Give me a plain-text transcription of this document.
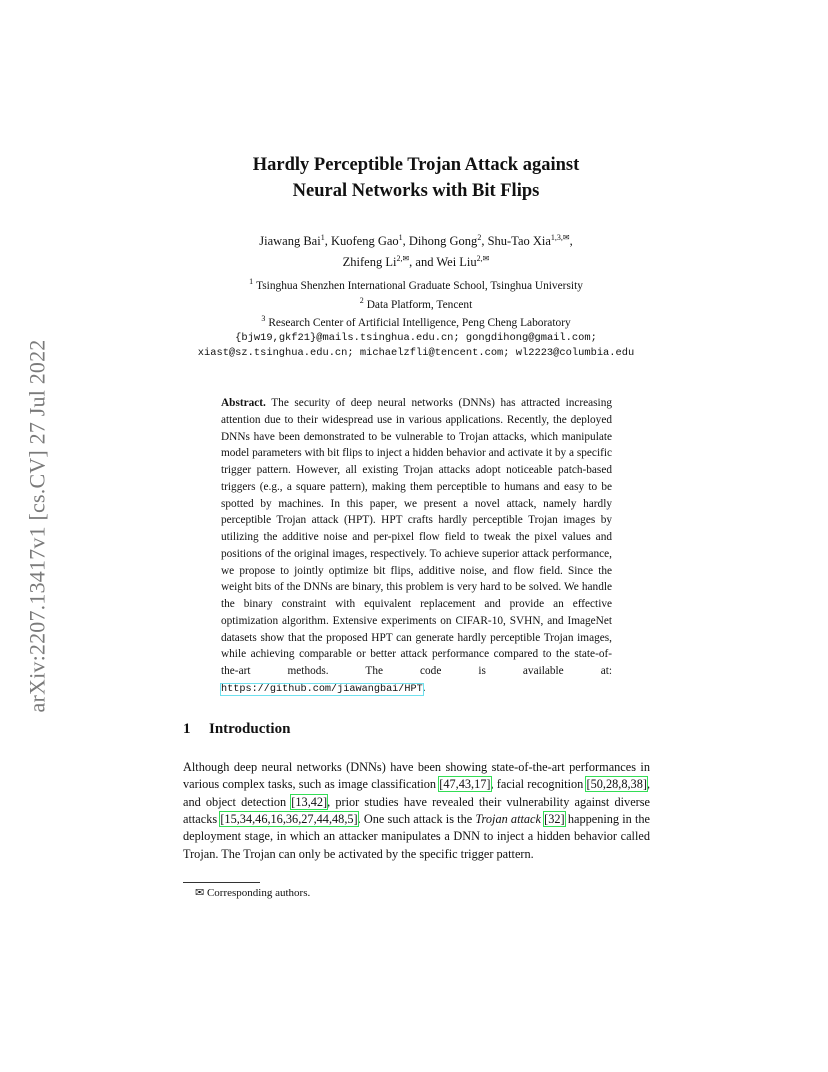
arXiv:2207.13417v1 [cs.CV] 27 Jul 2022
Hardly Perceptible Trojan Attack against
Neural Networks with Bit Flips
Jiawang Bai$^1$, Kuofeng Gao$^1$, Dihong Gong$^2$, Shu-Tao Xia$^{1,3,✉}$,
Zhifeng $Li^{2,✉}$, and Wei Liu$^{2,✉}$
$^1$ Tsinghua Shenzhen International Graduate School, Tsinghua University
$^2$ Data Platform, Tencent
$^3$ Research Center of Artificial Intelligence, Peng Cheng Laboratory
{bjw19,gkf21}@mails.tsinghua.edu.cn; gongdihong@gmail.com;
xiast@sz.tsinghua.edu.cn; michaelzfli@tencent.com; wl2223@columbia.edu
Abstract. The security of deep neural networks (DNNs) has attracted increasing attention due to their widespread use in various applications. Recently, the deployed DNNs have been demonstrated to be vulnerable to Trojan attacks, which manipulate model parameters with bit flips to inject a hidden behavior and activate it by a specific trigger pattern. However, all existing Trojan attacks adopt noticeable patch-based triggers (e.g., a square pattern), making them perceptible to humans and easy to be spotted by machines. In this paper, we present a novel attack, namely hardly perceptible Trojan attack (HPT). HPT crafts hardly perceptible Trojan images by utilizing the additive noise and per-pixel flow field to tweak the pixel values and positions of the original images, respectively. To achieve superior attack performance, we propose to jointly optimize bit flips, additive noise, and flow field. Since the weight bits of the DNNs are binary, this problem is very hard to be solved. We handle the binary constraint with equivalent replacement and provide an effective optimization algorithm. Extensive experiments on CIFAR-10, SVHN, and ImageNet datasets show that the proposed HPT can generate hardly perceptible Trojan images, while achieving comparable or better attack performance compared to the state-of-the-art methods. The code is available at: https://github.com/jiawangbai/HPT.
1 Introduction
Although deep neural networks (DNNs) have been showing state-of-the-art performances in various complex tasks, such as image classification [47,43,17], facial recognition [50,28,8,38], and object detection [13,42], prior studies have revealed their vulnerability against diverse attacks [15,34,46,16,36,27,44,48,5]. One such attack is the Trojan attack [32] happening in the deployment stage, in which an attacker manipulates a DNN to inject a hidden behavior called Trojan. The Trojan can only be activated by the specific trigger pattern.
✉ Corresponding authors.
